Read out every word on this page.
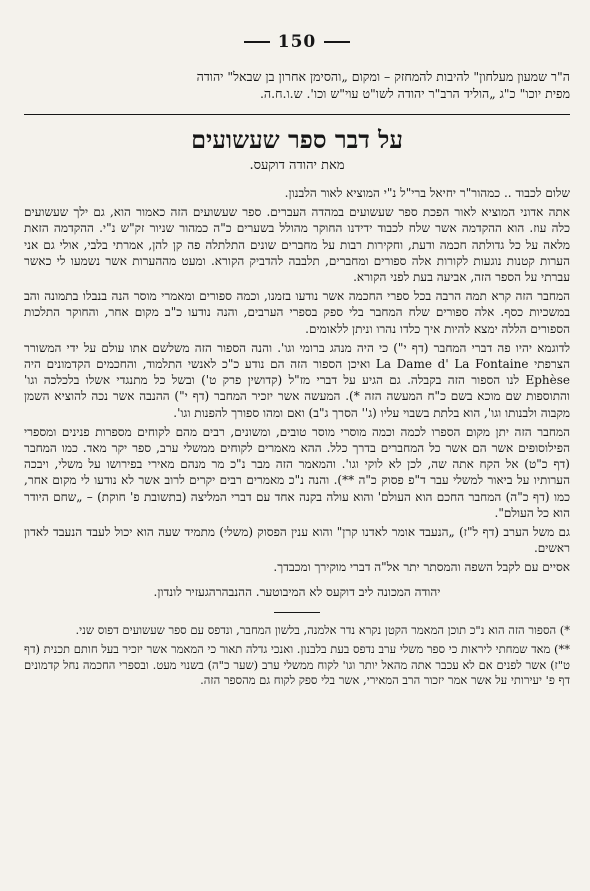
150
ה"ר שמעון מעלחון" להיבות להמחזק – ומקום „והסימן אחרון בן שבאל" יהודה
מפית יוכו" כ"ג „הוליד הרב"ר יהודה לשו"ט עוי"ש וכו'. ש.ו.ח.ה.
על דבר ספר שעשועים
מאת יהודה דוקעס.

שלום לכבוד .. כמהור"ר יחיאל ברי"ל נ"י המוציא לאור הלבנון.

אתה אדוני המוציא לאור הפכת ספר שעשועים במהדה העברים. ספר שעשועים הזה כאמור הוא, גם ילך שעשועים כלה עוז. הוא ההקדמה אשר שלח לכבוד ידידנו החוקר מהולל בשערים כ"ה כמהור שניור זק"ש נ"י. ההקדמה הזאת מלאה על כל גדולתה חכמה ודעת, וחקירות רבות על מחברים שונים התלתלה פה קן להן, אמרתי בלבי, אולי גם אני הערות קטנות נוגעות לקורות אלה ספורים ומחברים, תלבבה להדביק הקורא. ומעט מההערות אשר נשמעו לי כאשר עברתי על הספר הזה, אביעה בעת לפני הקורא.

המחבר הזה קרא תמה הרבה בכל ספרי החכמה אשר נודעו בזמנו, וכמה ספורים ומאמרי מוסר הנה בנבלו בתמונה והב במשכיות כסף. אלה ספורים שלח המחבר בלי ספק בספרי הערבים, והנה נודעו כ"ב מקום אחר, והחוקר התלכות הספורים הללה ימצא להיות איך כלדו נהרו וניתן ללאומים.

לדוגמא יהיו פה דברי המחבר (דף י") כי היה מנהג ברומי וגו'. והנה הספור הזה משלשם אתו עולם על ידי המשורר הצרפתי La Dame d' La Fontaine ואיכן הספור הזה הם נודע כ"כ לאנשי התלמוד, והחכמים הקדמונים היה Ephèse לנו הספור הזה בקבלה. גם הגיע על דברי מז"ל (קדושין פרק ט') ובשל כל מתנגדי אשלו בלכלכה וגו' והתוספות שם מוכא בשם כ"ח המעשה הזה *). המעשה אשר יזכיר המחבר (דף י") ההנבה אשר נכה להוציא השמן מקבוה ולבנותו וגו', הוא בלתת בשבוי עליו (ג'' הסרך ג"ב) ואם ומהו ספורך להפנות וגו'.

המחבר הזה יתן מקום הספרו לכמה וכמה מוסרי מוסר טובים, ומשונים, רבים מהם לקוחים מספרות פנינים ומספרי הפילוסופים אשר הם אשר כל המחברים בדרך כלל. ההא מאמרים לקוחים ממשלי ערב, ספר יקר מאד. כמו המחבר (דף כ"ט) אל הקח אתה שה, לכן לא לוקי וגו'. והמאמר הזה מבר נ"כ מר מנהם מאירי בפירושו על משלי, ויבכה הערותיו על ביאור למשלי עבר ד"פ פסוק כ"ה **). והנה נ"כ מאמרים רבים יקרים לרוב אשר לא נודעו לי מקום אחר, כמו (דף כ"ה) המחבר החכם הוא העולם' והוא עולה בקנה אחד עם דברי המליצה (בתשובת פ' חוקת) – „שחם היודר הוא כל העולם".

גם משל הערב (דף ל"ז) „הנעבד אומר לאדנו קרן" והוא ענין הפסוק (משלי) מתמיד שעה הוא יכול לעבד הנעבד לאדון ראשים.

אסיים עם לקבל השפה והמסתר יתר אל"ה דברי מוקירך ומכבדך.

יהודה המכונה ליב דוקעס לא המיבוטער. ההנבהרהגעזיר לונדון.

*) הספור הזה הוא נ"כ תוכן המאמר הקטן נקרא נדר אלמנה, בלשון המחבר, ונדפס עם ספר שעשועים דפוס שני.

**) מאד שמחתי ליראות כי ספר משלי ערב נדפס בעת בלבנון. ואנכי גדלה תאור כי המאמר אשר יזכיר בעל חותם תכנית (דף ט"ז) אשר לפנים אם לא עכבר אתה מהאל יותר וגו' לקוח ממשלי ערב (שער כ"ה) בשנוי מעט. ובספרי החכמה נחל קדמונים דף פ' יעירותי על אשר אמר יזכור הרב המאירי, אשר בלי ספק לקוח גם מהספר הזה.
